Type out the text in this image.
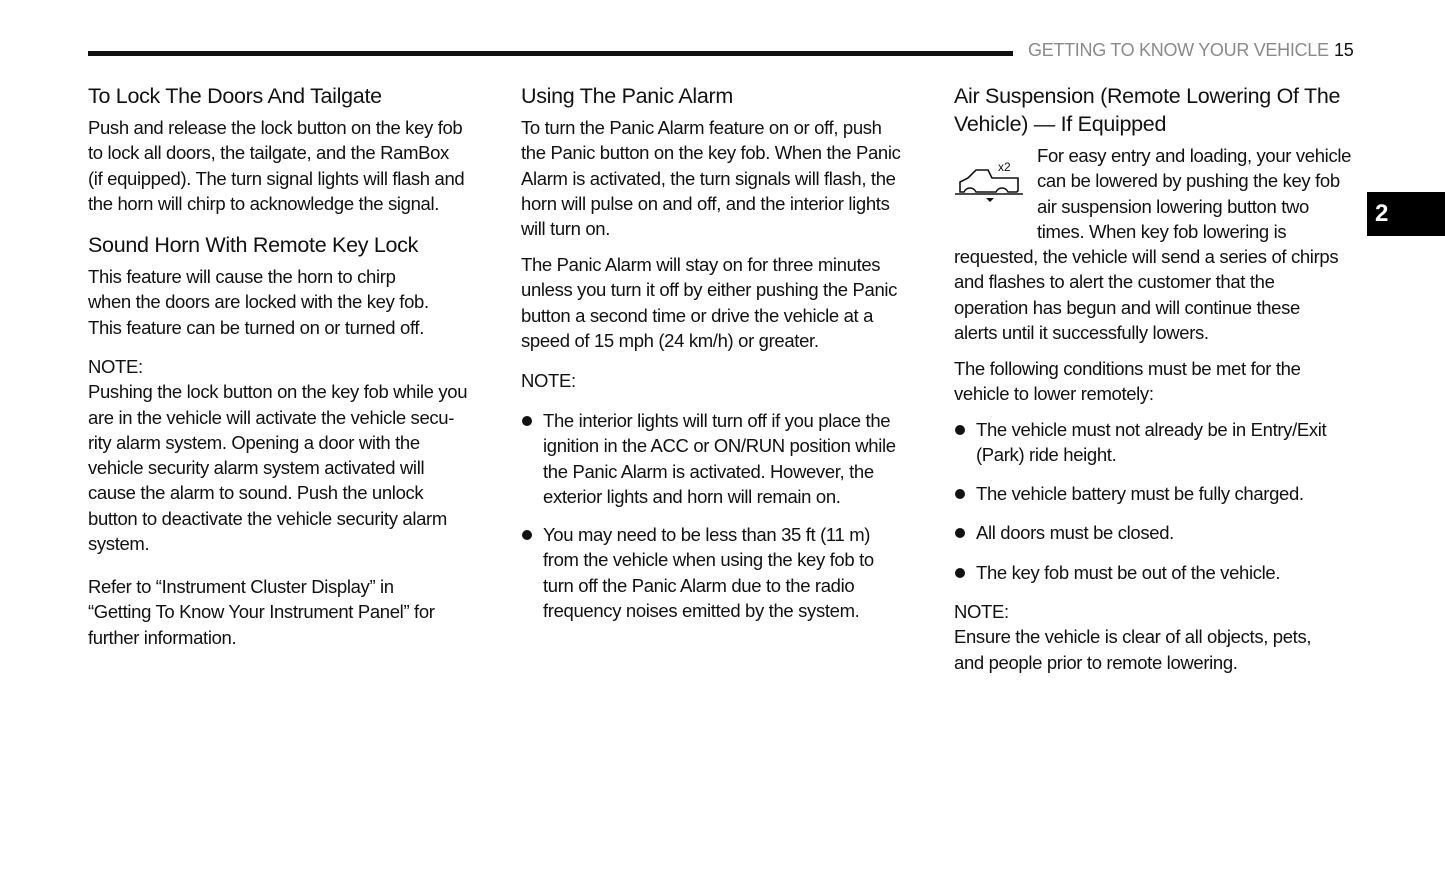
GETTING TO KNOW YOUR VEHICLE 15
2
x2
To Lock The Doors And Tailgate
Push and release the lock button on the key fob
to lock all doors, the tailgate, and the RamBox
(if equipped). The turn signal lights will flash and
the horn will chirp to acknowledge the signal.
Sound Horn With Remote Key Lock
This feature will cause the horn to chirp
when the doors are locked with the key fob.
This feature can be turned on or turned off.
NOTE:
Pushing the lock button on the key fob while you
are in the vehicle will activate the vehicle secu-
rity alarm system. Opening a door with the
vehicle security alarm system activated will
cause the alarm to sound. Push the unlock
button to deactivate the vehicle security alarm
system.
Refer to “Instrument Cluster Display” in
“Getting To Know Your Instrument Panel” for
further information.
Using The Panic Alarm
To turn the Panic Alarm feature on or off, push
the Panic button on the key fob. When the Panic
Alarm is activated, the turn signals will flash, the
horn will pulse on and off, and the interior lights
will turn on.
The Panic Alarm will stay on for three minutes
unless you turn it off by either pushing the Panic
button a second time or drive the vehicle at a
speed of 15 mph (24 km/h) or greater.
NOTE:
The interior lights will turn off if you place the
ignition in the ACC or ON/RUN position while
the Panic Alarm is activated. However, the
exterior lights and horn will remain on.
You may need to be less than 35 ft (11 m)
from the vehicle when using the key fob to
turn off the Panic Alarm due to the radio
frequency noises emitted by the system.
Air Suspension (Remote Lowering Of The
Vehicle) — If Equipped
For easy entry and loading, your vehicle
can be lowered by pushing the key fob
air suspension lowering button two
times. When key fob lowering is
requested, the vehicle will send a series of chirps
and flashes to alert the customer that the
operation has begun and will continue these
alerts until it successfully lowers.
The following conditions must be met for the
vehicle to lower remotely:
The vehicle must not already be in Entry/Exit
(Park) ride height.
The vehicle battery must be fully charged.
All doors must be closed.
The key fob must be out of the vehicle.
NOTE:
Ensure the vehicle is clear of all objects, pets,
and people prior to remote lowering.
